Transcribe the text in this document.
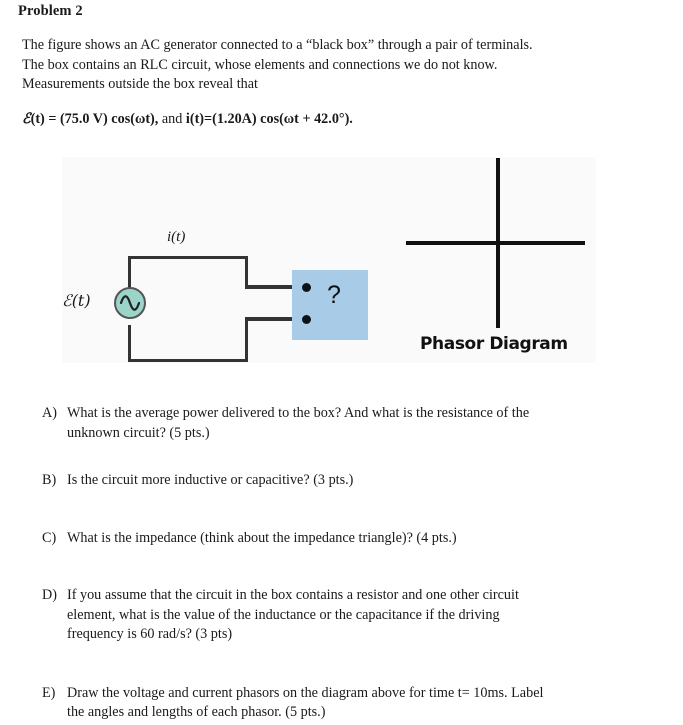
Problem 2
The figure shows an AC generator connected to a “black box” through a pair of terminals.
The box contains an RLC circuit, whose elements and connections we do not know.
Measurements outside the box reveal that
ℰ(t) = (75.0 V) cos(ωt), and i(t)=(1.20A) cos(ωt + 42.0°).
ℰ(t)
i(t)
?
Phasor Diagram
A) What is the average power delivered to the box? And what is the resistance of the
unknown circuit? (5 pts.)
B) Is the circuit more inductive or capacitive? (3 pts.)
C) What is the impedance (think about the impedance triangle)? (4 pts.)
D) If you assume that the circuit in the box contains a resistor and one other circuit
element, what is the value of the inductance or the capacitance if the driving
frequency is 60 rad/s? (3 pts)
E) Draw the voltage and current phasors on the diagram above for time t= 10ms. Label
the angles and lengths of each phasor. (5 pts.)
